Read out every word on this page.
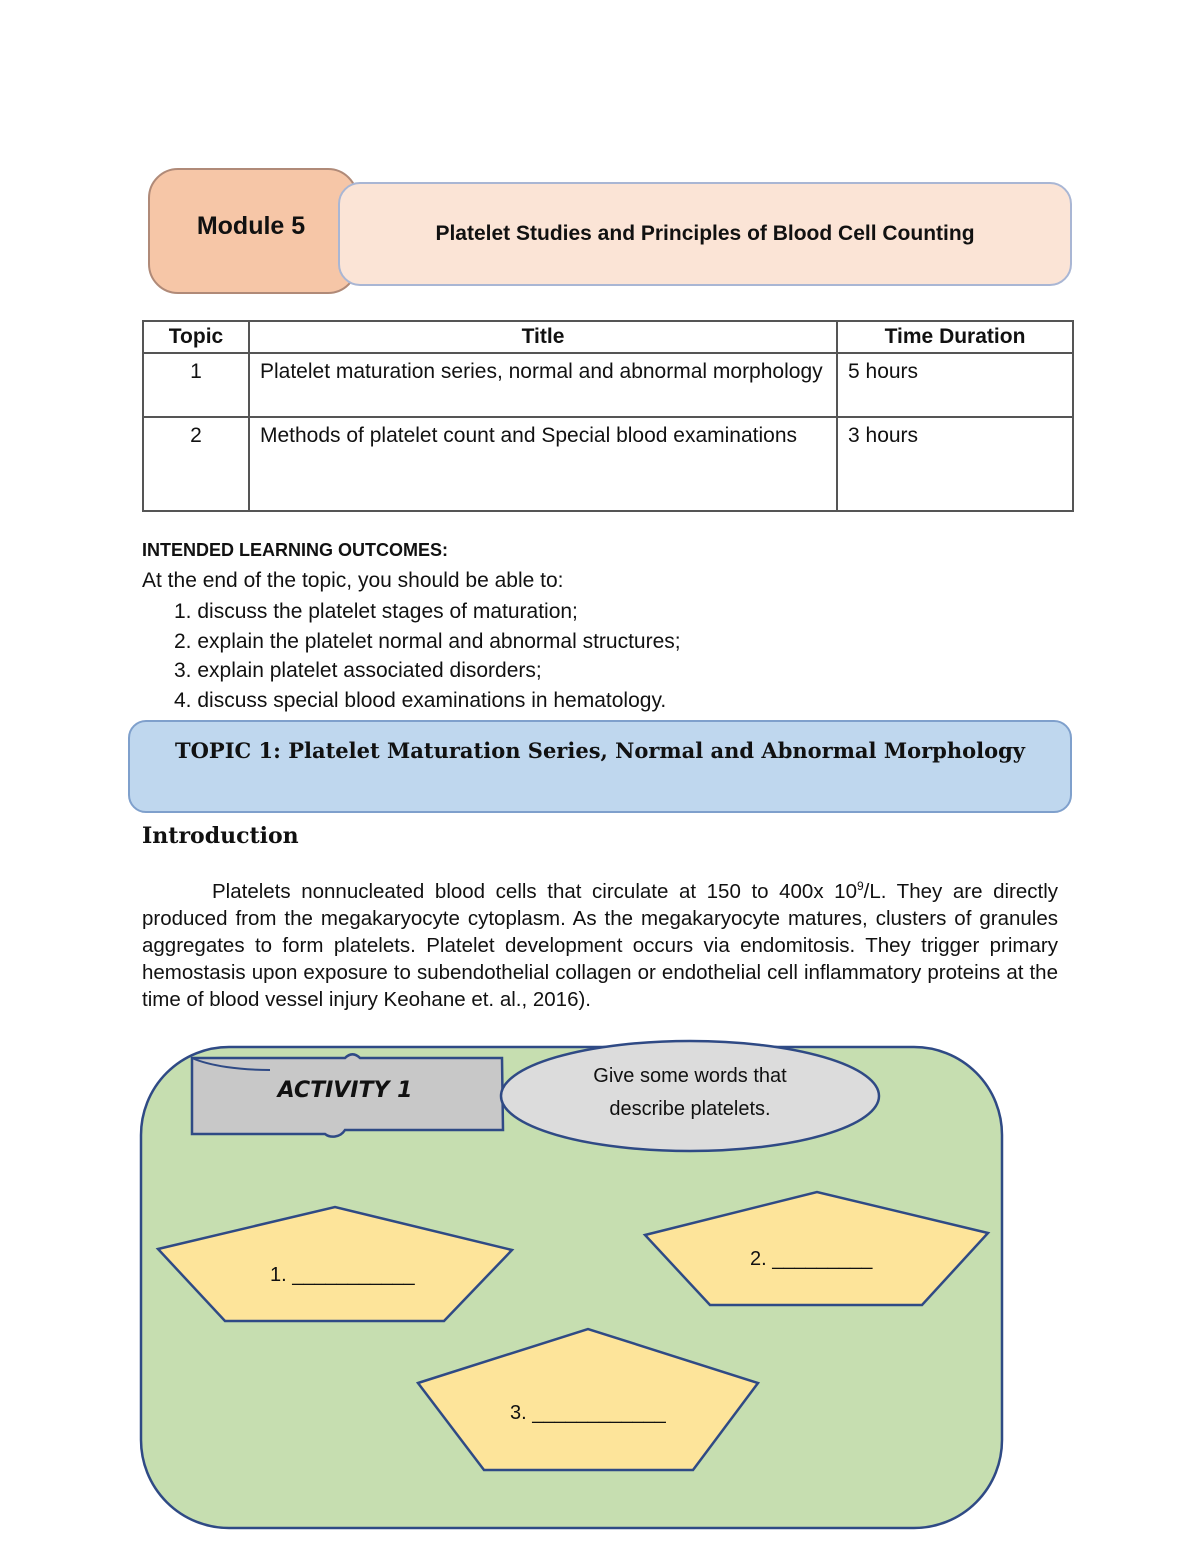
Module 5	Platelet Studies and Principles of Blood Cell Counting
Topic	Title	Time Duration
1	Platelet maturation series, normal and abnormal morphology	5 hours
2	Methods of platelet count and Special blood examinations	3 hours
INTENDED LEARNING OUTCOMES:
At the end of the topic, you should be able to:
1. discuss the platelet stages of maturation;
2. explain the platelet normal and abnormal structures;
3. explain platelet associated disorders;
4. discuss special blood examinations in hematology.
TOPIC 1: Platelet Maturation Series, Normal and Abnormal Morphology
Introduction

Platelets nonnucleated blood cells that circulate at 150 to 400x $10^9/L$. They are directly produced from the megakaryocyte cytoplasm. As the megakaryocyte matures, clusters of granules aggregates to form platelets. Platelet development occurs via endomitosis. They trigger primary hemostasis upon exposure to subendothelial collagen or endothelial cell inflammatory proteins at the time of blood vessel injury Keohane et. al., 2016).

ACTIVITY 1
Give some words that describe platelets.
1. ___________
2. _________
3. ____________
